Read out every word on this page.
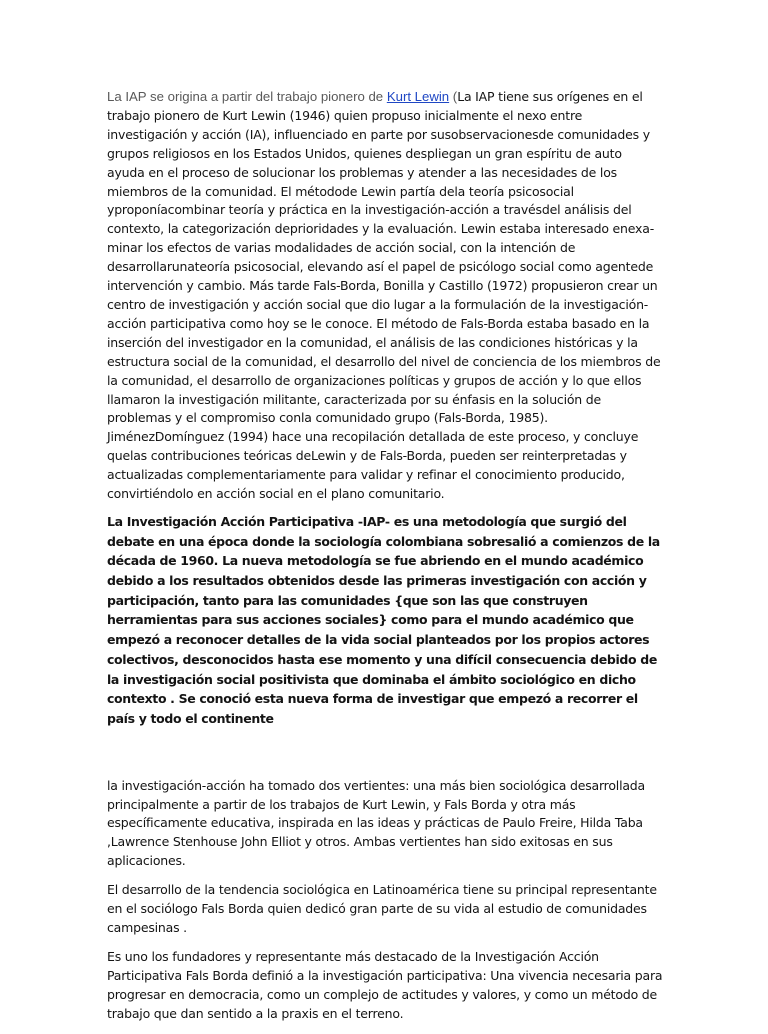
La IAP se origina a partir del trabajo pionero de Kurt Lewin (La IAP tiene sus orígenes en el trabajo pionero de Kurt Lewin (1946) quien propuso inicialmente el nexo entre investigación y acción (IA), influenciado en parte por susobservacionesde comunidades y grupos religiosos en los Estados Unidos, quienes despliegan un gran espíritu de auto ayuda en el proceso de solucionar los problemas y atender a las necesidades de los miembros de la comunidad. El métodode Lewin partía dela teoría psicosocial yproponíacombinar teoría y práctica en la investigación-acción a travésdel análisis del contexto, la categorización deprioridades y la evaluación. Lewin estaba interesado enexa- minar los efectos de varias modalidades de acción social, con la intención de desarrollarunateoría psicosocial, elevando así el papel de psicólogo social como agentede intervención y cambio. Más tarde Fals-Borda, Bonilla y Castillo (1972) propusieron crear un centro de investigación y acción social que dio lugar a la formulación de la investigación-acción participativa como hoy se le conoce. El método de Fals-Borda estaba basado en la inserción del investigador en la comunidad, el análisis de las condiciones históricas y la estructura social de la comunidad, el desarrollo del nivel de conciencia de los miembros de la comunidad, el desarrollo de organizaciones políticas y grupos de acción y lo que ellos llamaron la investigación militante, caracterizada por su énfasis en la solución de problemas y el compromiso conla comunidado grupo (Fals-Borda, 1985). JiménezDomínguez (1994) hace una recopilación detallada de este proceso, y concluye quelas contribuciones teóricas deLewin y de Fals-Borda, pueden ser reinterpretadas y actualizadas complementariamente para validar y refinar el conocimiento producido, convirtiéndolo en acción social en el plano comunitario.

La Investigación Acción Participativa -IAP- es una metodología que surgió del debate en una época donde la sociología colombiana sobresalió a comienzos de la década de 1960. La nueva metodología se fue abriendo en el mundo académico debido a los resultados obtenidos desde las primeras investigación con acción y participación, tanto para las comunidades {que son las que construyen herramientas para sus acciones sociales} como para el mundo académico que empezó a reconocer detalles de la vida social planteados por los propios actores colectivos, desconocidos hasta ese momento y una difícil consecuencia debido de la investigación social positivista que dominaba el ámbito sociológico en dicho contexto . Se conoció esta nueva forma de investigar que empezó a recorrer el país y todo el continente

la investigación-acción ha tomado dos vertientes: una más bien sociológica desarrollada principalmente a partir de los trabajos de Kurt Lewin, y Fals Borda y otra más específicamente educativa, inspirada en las ideas y prácticas de Paulo Freire, Hilda Taba ,Lawrence Stenhouse John Elliot y otros. Ambas vertientes han sido exitosas en sus aplicaciones.

El desarrollo de la tendencia sociológica en Latinoamérica tiene su principal representante en el sociólogo Fals Borda quien dedicó gran parte de su vida al estudio de comunidades campesinas .

Es uno los fundadores y representante más destacado de la Investigación Acción Participativa Fals Borda definió a la investigación participativa: Una vivencia necesaria para progresar en democracia, como un complejo de actitudes y valores, y como un método de trabajo que dan sentido a la praxis en el terreno.
